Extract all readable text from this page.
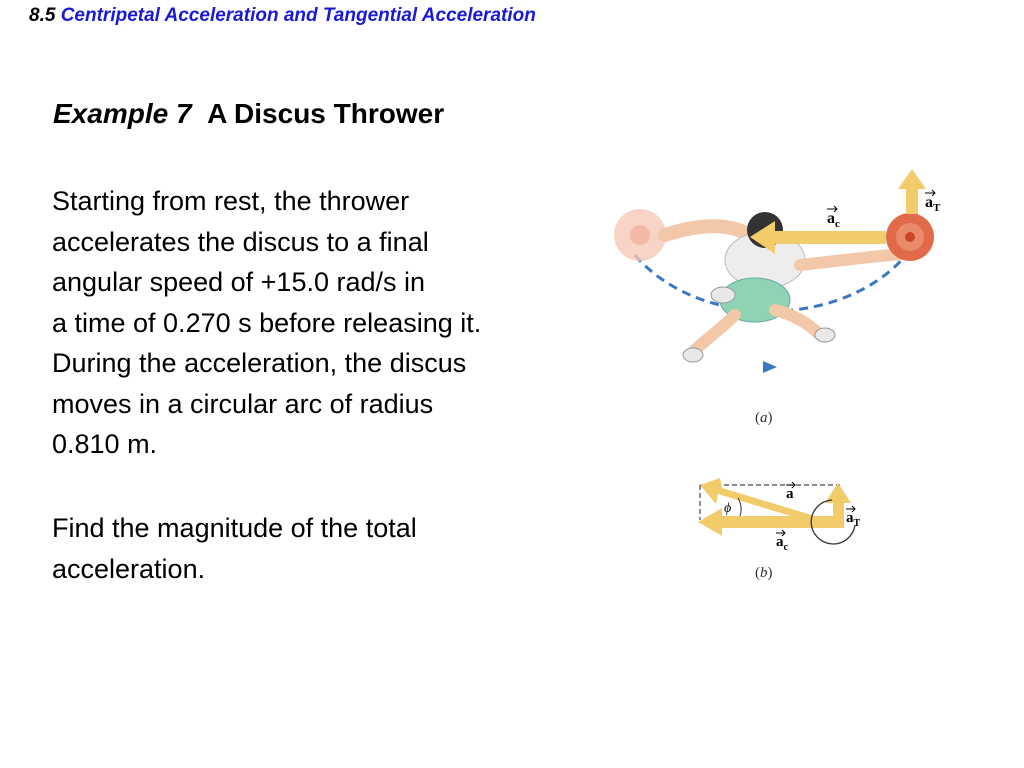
8.5 Centripetal Acceleration and Tangential Acceleration
Example 7 A Discus Thrower
Starting from rest, the thrower
accelerates the discus to a final
angular speed of +15.0 rad/s in
a time of 0.270 s before releasing it.
During the acceleration, the discus
moves in a circular arc of radius
0.810 m.
Find the magnitude of the total
acceleration.
$a_c$
$a_T$
(a)
ϕ
a
$a_T$
$a_c$
(b)
